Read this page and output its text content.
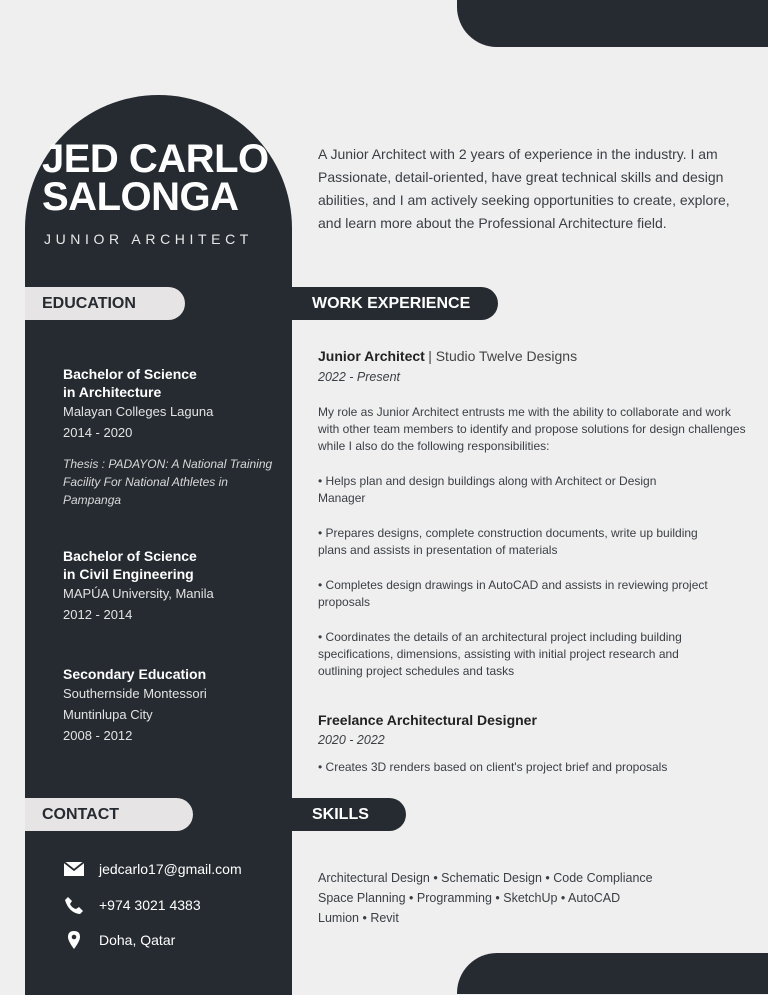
JED CARLO
SALONGA
JUNIOR ARCHITECT
A Junior Architect with 2 years of experience in the industry. I am Passionate, detail-oriented, have great technical skills and design abilities, and I am actively seeking opportunities to create, explore, and learn more about the Professional Architecture field.
EDUCATION	WORK EXPERIENCE
CONTACT	SKILLS
Bachelor of Science
in Architecture
Malayan Colleges Laguna
2014 - 2020
Thesis : PADAYON: A National Training Facility For National Athletes in Pampanga
Bachelor of Science
in Civil Engineering
MAPÚA University, Manila
2012 - 2014
Secondary Education
Southernside Montessori
Muntinlupa City
2008 - 2012
Junior Architect | Studio Twelve Designs
2022 - Present

My role as Junior Architect entrusts me with the ability to collaborate and work with other team members to identify and propose solutions for design challenges while I also do the following responsibilities:

• Helps plan and design buildings along with Architect or Design Manager

• Prepares designs, complete construction documents, write up building plans and assists in presentation of materials

• Completes design drawings in AutoCAD and assists in reviewing project proposals

• Coordinates the details of an architectural project including building specifications, dimensions, assisting with initial project research and outlining project schedules and tasks

Freelance Architectural Designer
2020 - 2022

• Creates 3D renders based on client's project brief and proposals

jedcarlo17@gmail.com
+974 3021 4383
Doha, Qatar
Architectural Design • Schematic Design • Code Compliance
Space Planning • Programming • SketchUp • AutoCAD
Lumion • Revit
